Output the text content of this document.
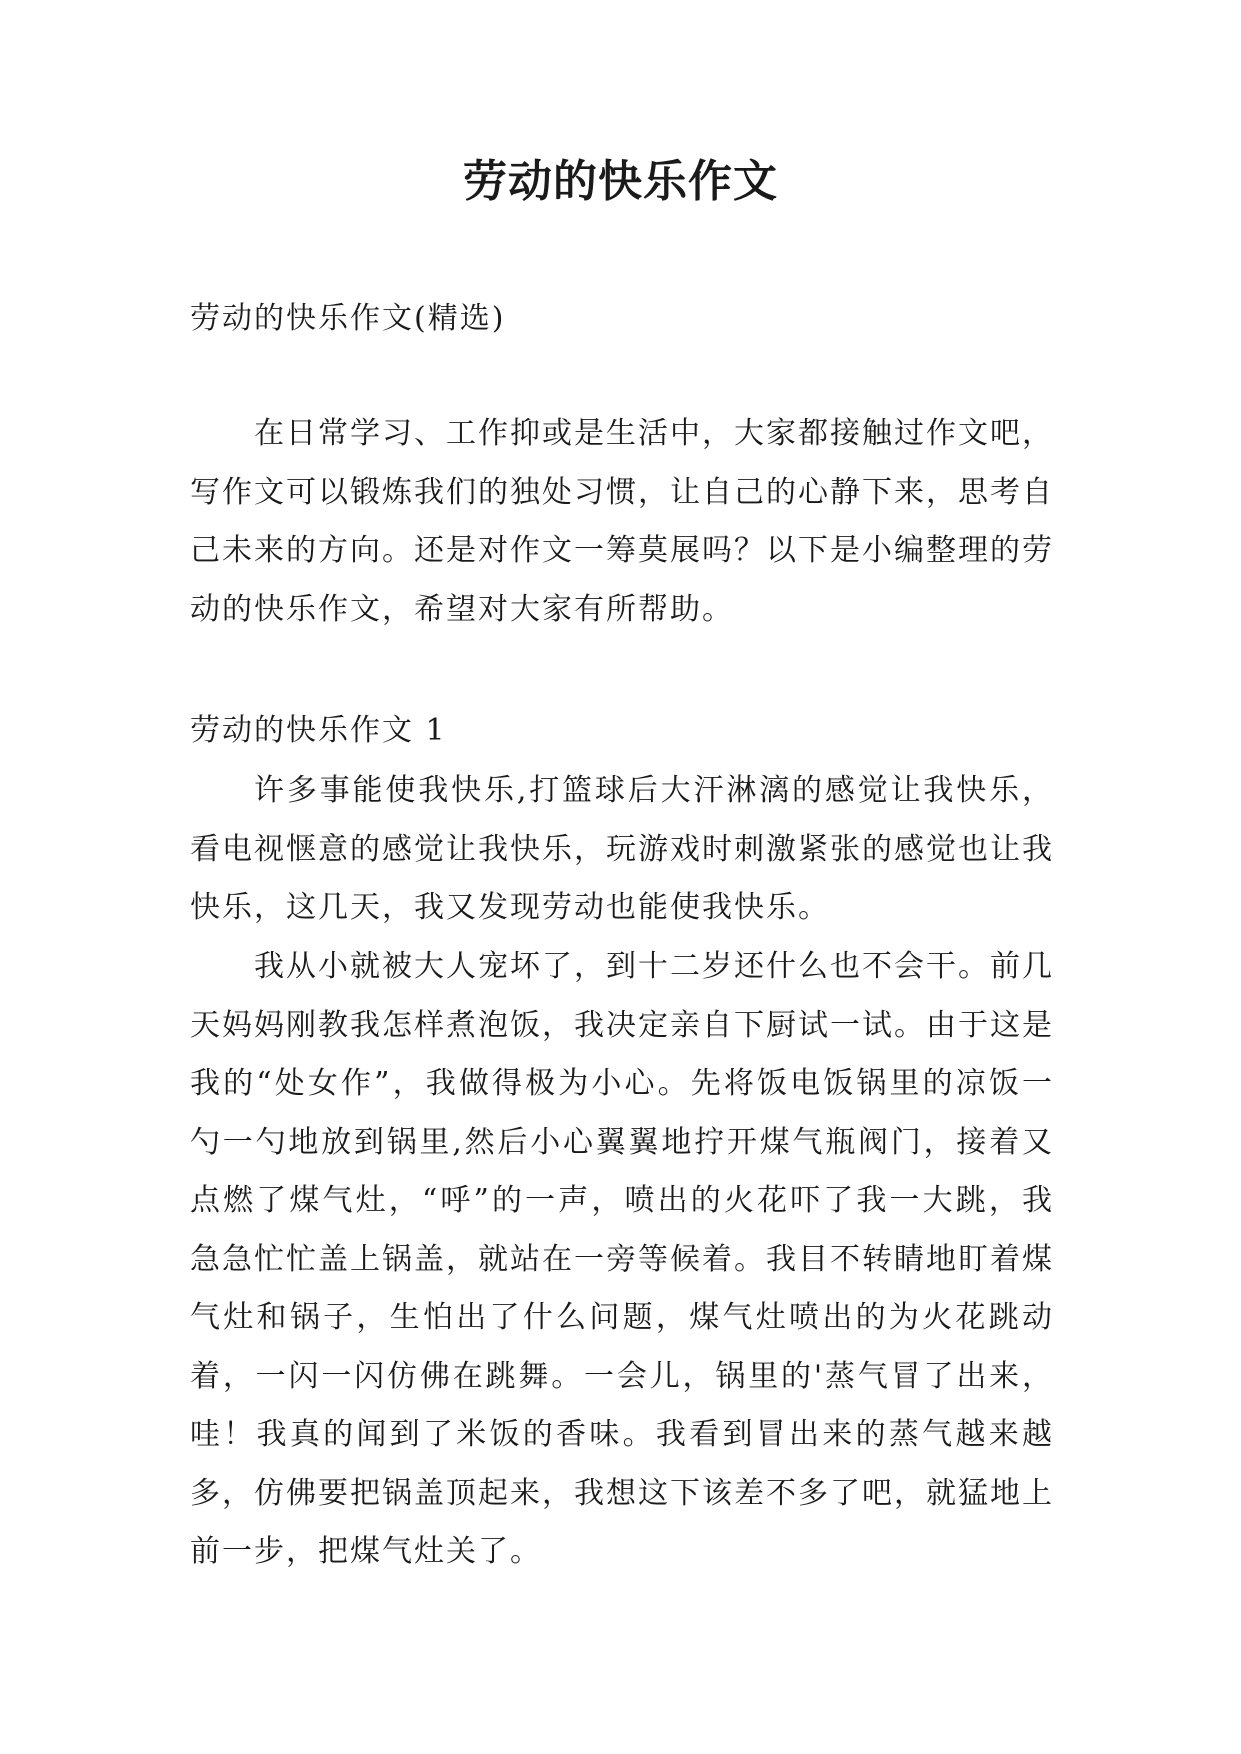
劳动的快乐作文

劳动的快乐作文(精选)

在日常学习、工作抑或是生活中，大家都接触过作文吧，写作文可以锻炼我们的独处习惯，让自己的心静下来，思考自己未来的方向。还是对作文一筹莫展吗？以下是小编整理的劳动的快乐作文，希望对大家有所帮助。

劳动的快乐作文 1

许多事能使我快乐,打篮球后大汗淋漓的感觉让我快乐，看电视惬意的感觉让我快乐，玩游戏时刺激紧张的感觉也让我快乐，这几天，我又发现劳动也能使我快乐。

我从小就被大人宠坏了，到十二岁还什么也不会干。前几天妈妈刚教我怎样煮泡饭，我决定亲自下厨试一试。由于这是我的“处女作”，我做得极为小心。先将饭电饭锅里的凉饭一勺一勺地放到锅里,然后小心翼翼地拧开煤气瓶阀门，接着又点燃了煤气灶，“呼”的一声，喷出的火花吓了我一大跳，我急急忙忙盖上锅盖，就站在一旁等候着。我目不转睛地盯着煤气灶和锅子，生怕出了什么问题，煤气灶喷出的为火花跳动着，一闪一闪仿佛在跳舞。一会儿，锅里的'蒸气冒了出来，哇！我真的闻到了米饭的香味。我看到冒出来的蒸气越来越多，仿佛要把锅盖顶起来，我想这下该差不多了吧，就猛地上前一步，把煤气灶关了。
